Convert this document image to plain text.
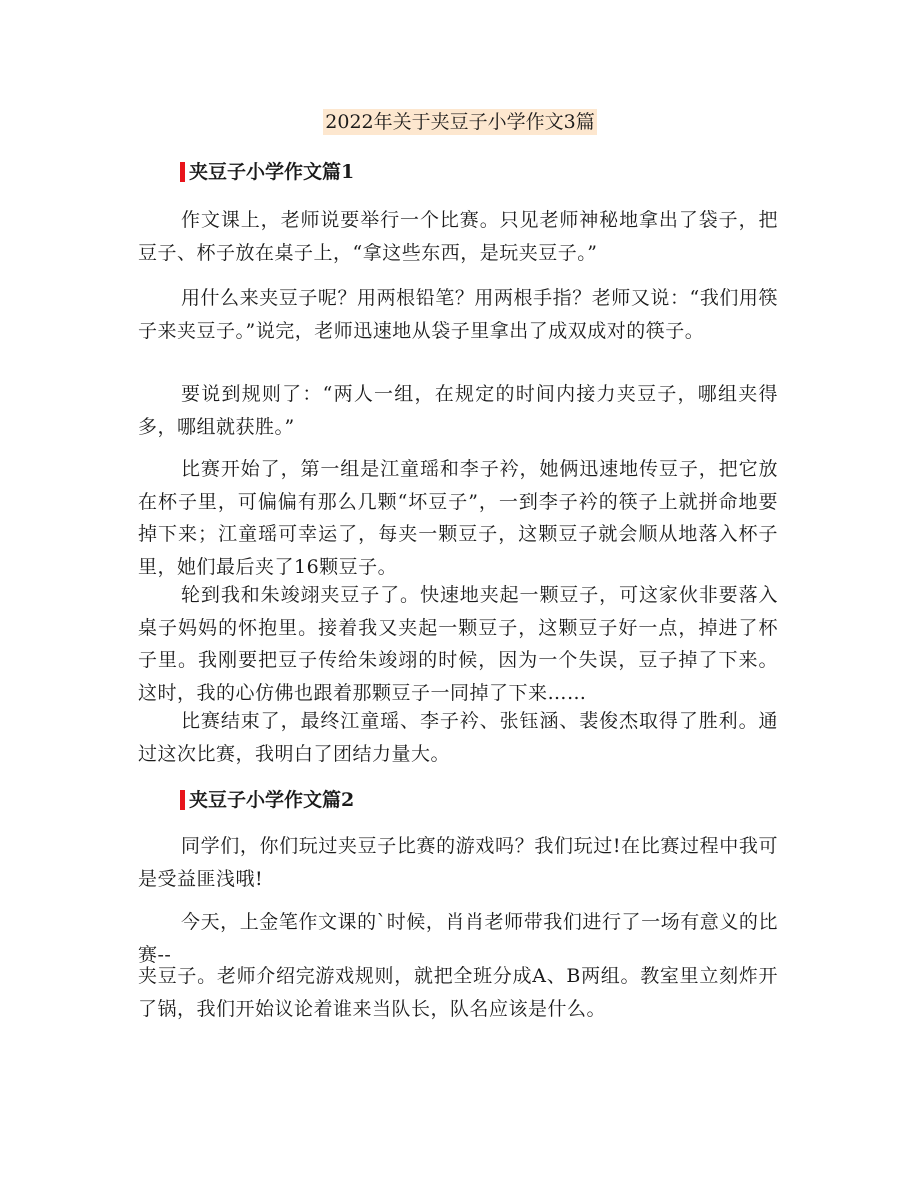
2022年关于夹豆子小学作文3篇
夹豆子小学作文篇1

作文课上，老师说要举行一个比赛。只见老师神秘地拿出了袋子，把豆子、杯子放在桌子上，“拿这些东西，是玩夹豆子。”

用什么来夹豆子呢？用两根铅笔？用两根手指？老师又说：“我们用筷子来夹豆子。”说完，老师迅速地从袋子里拿出了成双成对的筷子。

要说到规则了：“两人一组，在规定的时间内接力夹豆子，哪组夹得多，哪组就获胜。”

比赛开始了，第一组是江童瑶和李子衿，她俩迅速地传豆子，把它放在杯子里，可偏偏有那么几颗“坏豆子”，一到李子衿的筷子上就拼命地要掉下来；江童瑶可幸运了，每夹一颗豆子，这颗豆子就会顺从地落入杯子里，她们最后夹了16颗豆子。

轮到我和朱竣翊夹豆子了。快速地夹起一颗豆子，可这家伙非要落入桌子妈妈的怀抱里。接着我又夹起一颗豆子，这颗豆子好一点，掉进了杯子里。我刚要把豆子传给朱竣翊的时候，因为一个失误，豆子掉了下来。这时，我的心仿佛也跟着那颗豆子一同掉了下来……

比赛结束了，最终江童瑶、李子衿、张钰涵、裴俊杰取得了胜利。通过这次比赛，我明白了团结力量大。

夹豆子小学作文篇2

同学们，你们玩过夹豆子比赛的游戏吗？我们玩过!在比赛过程中我可是受益匪浅哦!

今天，上金笔作文课的`时候，肖肖老师带我们进行了一场有意义的比赛--

夹豆子。老师介绍完游戏规则，就把全班分成A、B两组。教室里立刻炸开了锅，我们开始议论着谁来当队长，队名应该是什么。
